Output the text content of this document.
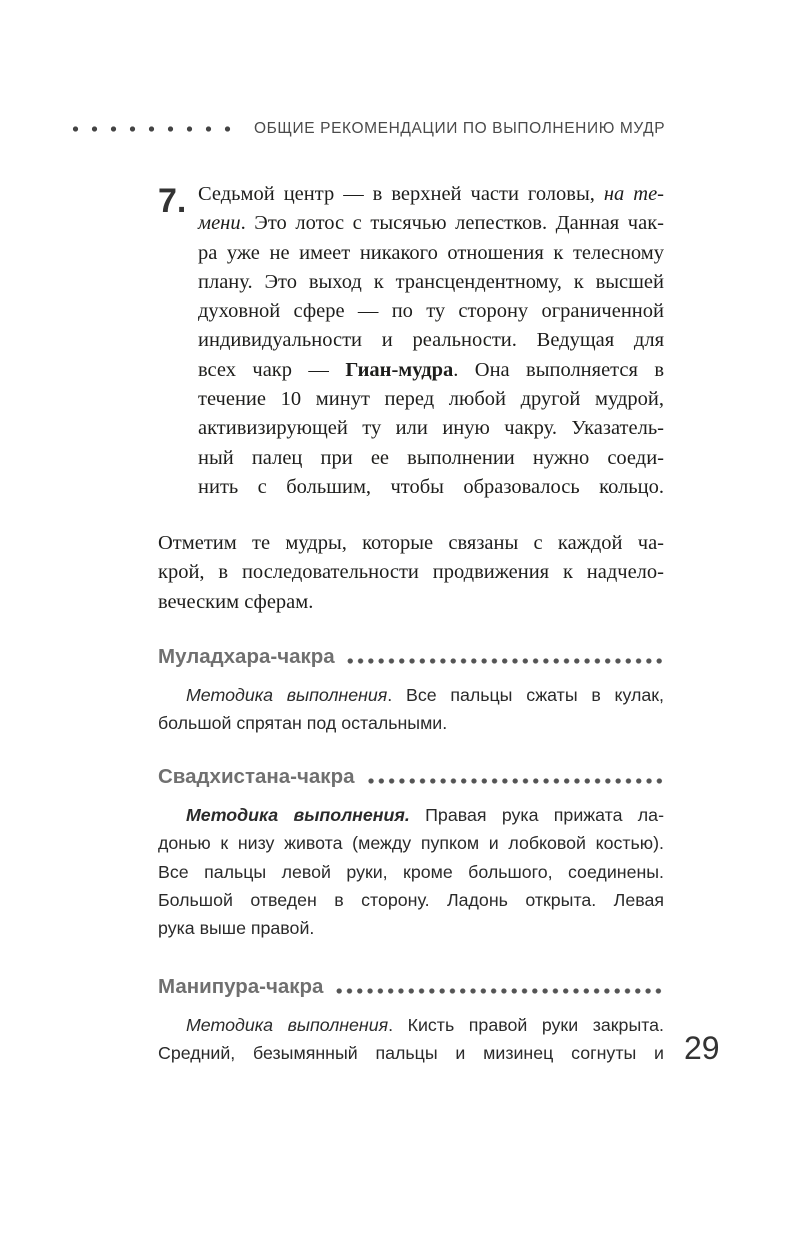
ОБЩИЕ РЕКОМЕНДАЦИИ ПО ВЫПОЛНЕНИЮ МУДР
7. Седьмой центр — в верхней части головы, на те-

мени. Это лотос с тысячью лепестков. Данная чак-

ра уже не имеет никакого отношения к телесному

плану. Это выход к трансцендентному, к высшей

духовной сфере — по ту сторону ограниченной

индивидуальности и реальности. Ведущая для

всех чакр — Гиан-мудра. Она выполняется в

течение 10 минут перед любой другой мудрой,

активизирующей ту или иную чакру. Указатель-

ный палец при ее выполнении нужно соеди-

нить с большим, чтобы образовалось кольцо.

Отметим те мудры, которые связаны с каждой ча-

крой, в последовательности продвижения к надчело-

веческим сферам.

Муладхара-чакра

Методика выполнения. Все пальцы сжаты в кулак,

большой спрятан под остальными.

Свадхистана-чакра

Методика выполнения. Правая рука прижата ла-

донью к низу живота (между пупком и лобковой костью).

Все пальцы левой руки, кроме большого, соединены.

Большой отведен в сторону. Ладонь открыта. Левая

рука выше правой.

Манипура-чакра

Методика выполнения. Кисть правой руки закрыта.

Средний, безымянный пальцы и мизинец согнуты и 29
